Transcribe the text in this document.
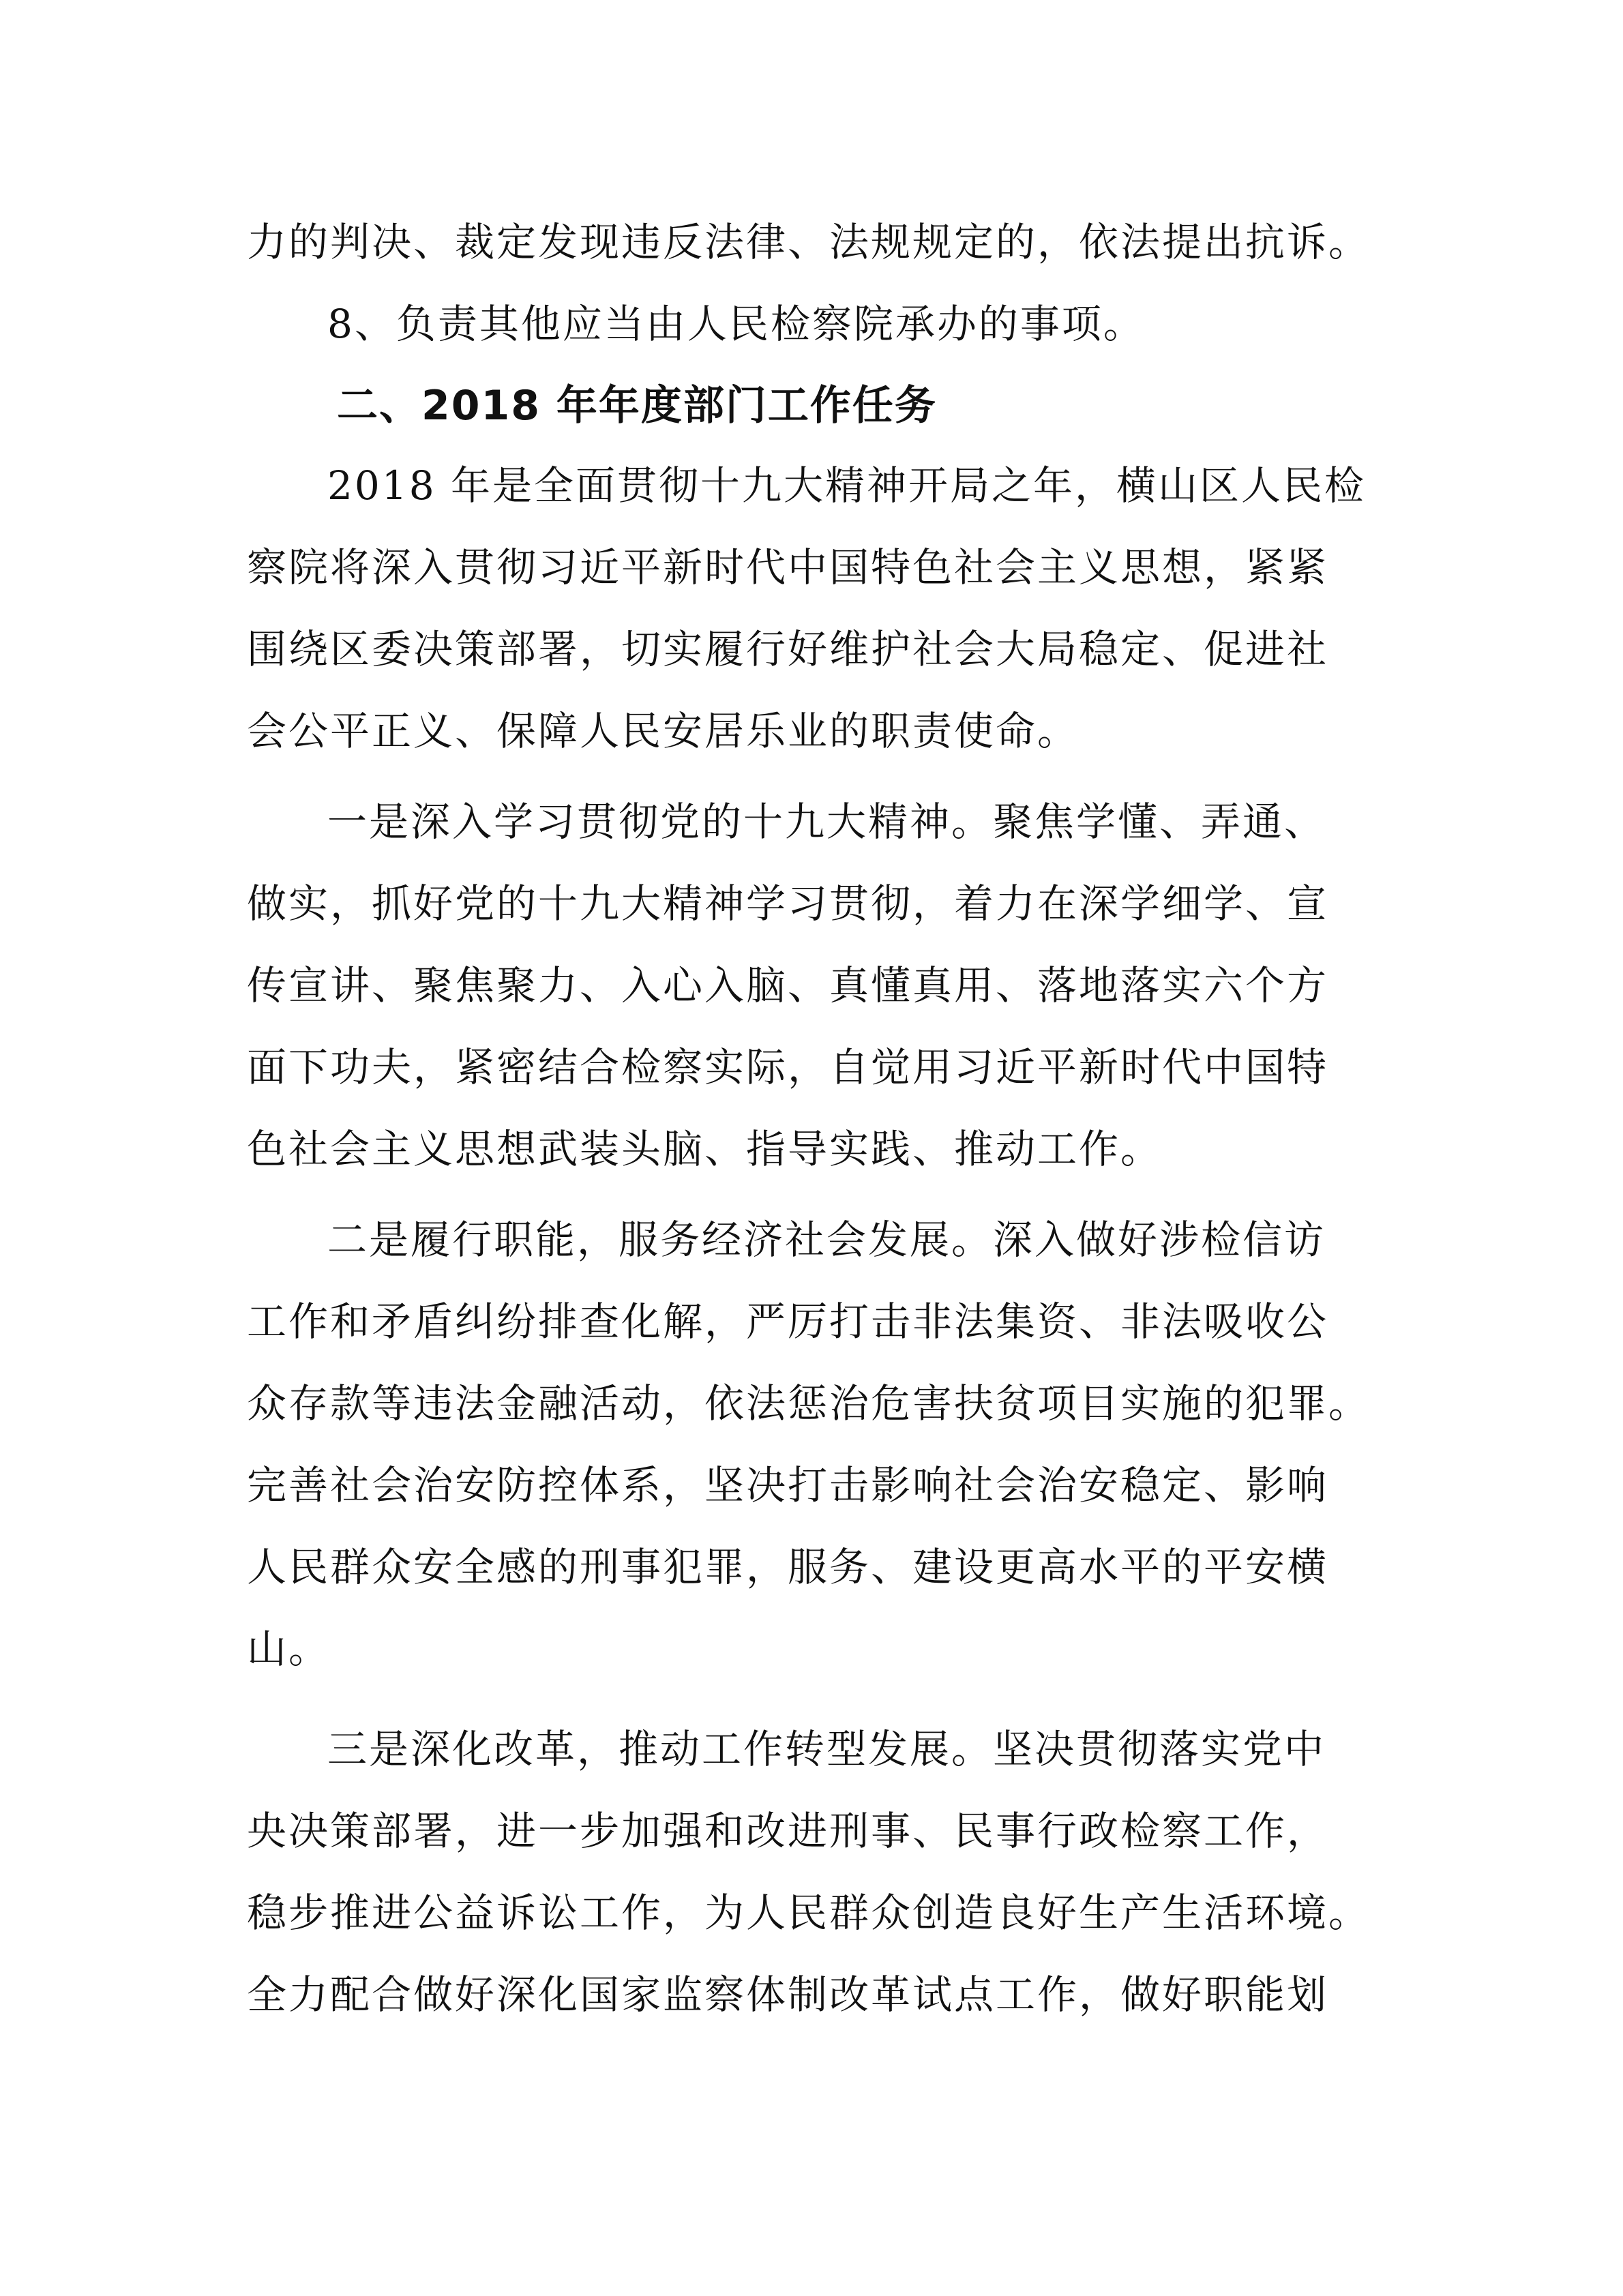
力的判决、裁定发现违反法律、法规规定的，依法提出抗诉。

8、负责其他应当由人民检察院承办的事项。

二、2018 年年度部门工作任务

2018 年是全面贯彻十九大精神开局之年，横山区人民检

察院将深入贯彻习近平新时代中国特色社会主义思想，紧紧

围绕区委决策部署，切实履行好维护社会大局稳定、促进社

会公平正义、保障人民安居乐业的职责使命。

一是深入学习贯彻党的十九大精神。聚焦学懂、弄通、

做实，抓好党的十九大精神学习贯彻，着力在深学细学、宣

传宣讲、聚焦聚力、入心入脑、真懂真用、落地落实六个方

面下功夫，紧密结合检察实际，自觉用习近平新时代中国特

色社会主义思想武装头脑、指导实践、推动工作。

二是履行职能，服务经济社会发展。深入做好涉检信访

工作和矛盾纠纷排查化解，严厉打击非法集资、非法吸收公

众存款等违法金融活动，依法惩治危害扶贫项目实施的犯罪。

完善社会治安防控体系，坚决打击影响社会治安稳定、影响

人民群众安全感的刑事犯罪，服务、建设更高水平的平安横

山。

三是深化改革，推动工作转型发展。坚决贯彻落实党中

央决策部署，进一步加强和改进刑事、民事行政检察工作，

稳步推进公益诉讼工作，为人民群众创造良好生产生活环境。

全力配合做好深化国家监察体制改革试点工作，做好职能划
